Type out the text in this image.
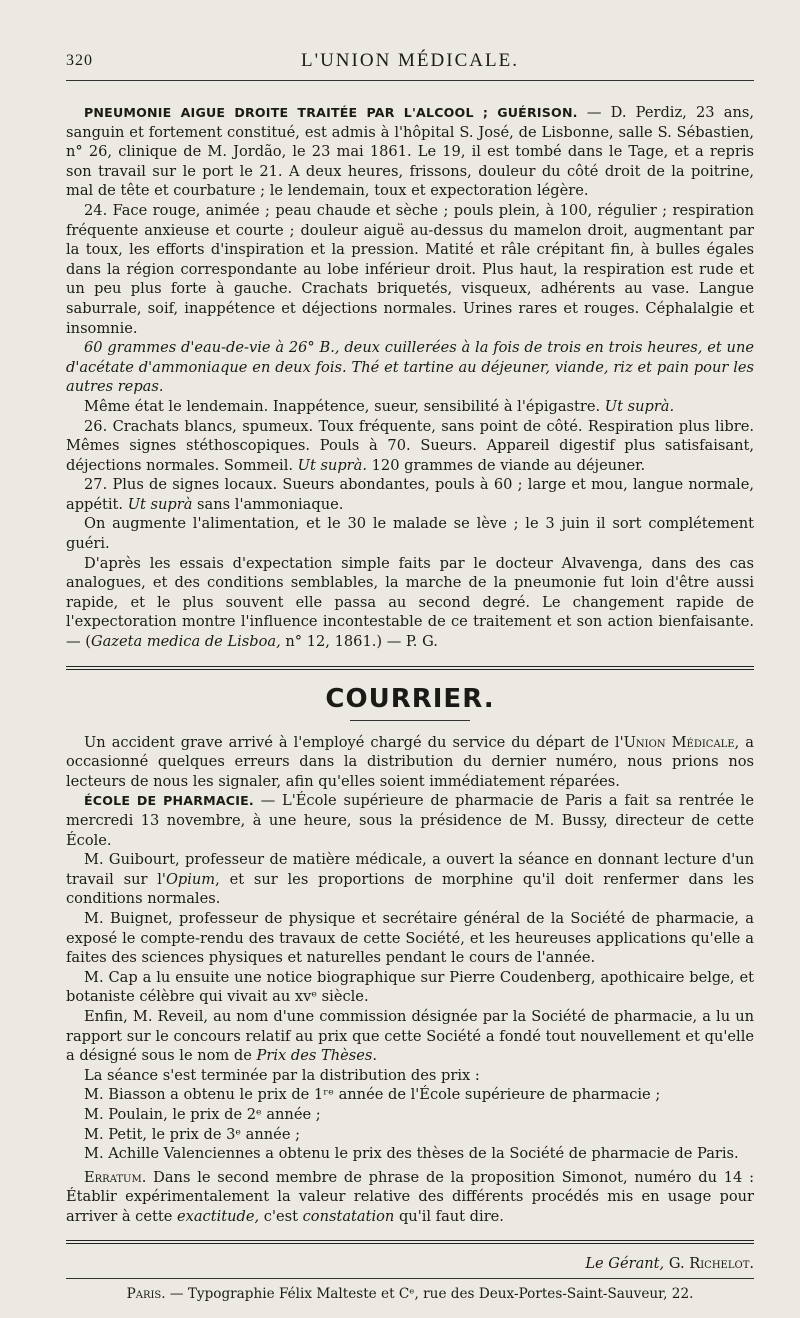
320	L'UNION MÉDICALE.

PNEUMONIE AIGUE DROITE TRAITÉE PAR L'ALCOOL ; GUÉRISON. — D. Perdiz, 23 ans, sanguin et fortement constitué, est admis à l'hôpital S. José, de Lisbonne, salle S. Sébastien, n° 26, clinique de M. Jordão, le 23 mai 1861. Le 19, il est tombé dans le Tage, et a repris son travail sur le port le 21. A deux heures, frissons, douleur du côté droit de la poitrine, mal de tête et courbature ; le lendemain, toux et expectoration légère.

24. Face rouge, animée ; peau chaude et sèche ; pouls plein, à 100, régulier ; respiration fréquente anxieuse et courte ; douleur aiguë au-dessus du mamelon droit, augmentant par la toux, les efforts d'inspiration et la pression. Matité et râle crépitant fin, à bulles égales dans la région correspondante au lobe inférieur droit. Plus haut, la respiration est rude et un peu plus forte à gauche. Crachats briquetés, visqueux, adhérents au vase. Langue saburrale, soif, inappétence et déjections normales. Urines rares et rouges. Céphalalgie et insomnie.

60 grammes d'eau-de-vie à 26° B., deux cuillerées à la fois de trois en trois heures, et une d'acétate d'ammoniaque en deux fois. Thé et tartine au déjeuner, viande, riz et pain pour les autres repas.

Même état le lendemain. Inappétence, sueur, sensibilité à l'épigastre. Ut suprà.

26. Crachats blancs, spumeux. Toux fréquente, sans point de côté. Respiration plus libre. Mêmes signes stéthoscopiques. Pouls à 70. Sueurs. Appareil digestif plus satisfaisant, déjections normales. Sommeil. Ut suprà. 120 grammes de viande au déjeuner.

27. Plus de signes locaux. Sueurs abondantes, pouls à 60 ; large et mou, langue normale, appétit. Ut suprà sans l'ammoniaque.

On augmente l'alimentation, et le 30 le malade se lève ; le 3 juin il sort complétement guéri.

D'après les essais d'expectation simple faits par le docteur Alvavenga, dans des cas analogues, et des conditions semblables, la marche de la pneumonie fut loin d'être aussi rapide, et le plus souvent elle passa au second degré. Le changement rapide de l'expectoration montre l'influence incontestable de ce traitement et son action bienfaisante. — (Gazeta medica de Lisboa, n° 12, 1861.) — P. G.

COURRIER.

Un accident grave arrivé à l'employé chargé du service du départ de l'Union Médicale, a occasionné quelques erreurs dans la distribution du dernier numéro, nous prions nos lecteurs de nous les signaler, afin qu'elles soient immédiatement réparées.

ÉCOLE DE PHARMACIE. — L'École supérieure de pharmacie de Paris a fait sa rentrée le mercredi 13 novembre, à une heure, sous la présidence de M. Bussy, directeur de cette École.

M. Guibourt, professeur de matière médicale, a ouvert la séance en donnant lecture d'un travail sur l'Opium, et sur les proportions de morphine qu'il doit renfermer dans les conditions normales.

M. Buignet, professeur de physique et secrétaire général de la Société de pharmacie, a exposé le compte-rendu des travaux de cette Société, et les heureuses applications qu'elle a faites des sciences physiques et naturelles pendant le cours de l'année.

M. Cap a lu ensuite une notice biographique sur Pierre Coudenberg, apothicaire belge, et botaniste célèbre qui vivait au xvᵉ siècle.

Enfin, M. Reveil, au nom d'une commission désignée par la Société de pharmacie, a lu un rapport sur le concours relatif au prix que cette Société a fondé tout nouvellement et qu'elle a désigné sous le nom de Prix des Thèses.

La séance s'est terminée par la distribution des prix :

M. Biasson a obtenu le prix de 1ʳᵉ année de l'École supérieure de pharmacie ;

M. Poulain, le prix de 2ᵉ année ;

M. Petit, le prix de 3ᵉ année ;

M. Achille Valenciennes a obtenu le prix des thèses de la Société de pharmacie de Paris.

Erratum. Dans le second membre de phrase de la proposition Simonot, numéro du 14 : Établir expérimentalement la valeur relative des différents procédés mis en usage pour arriver à cette exactitude, c'est constatation qu'il faut dire.

Le Gérant, G. Richelot.
Paris. — Typographie Félix Malteste et Cᵉ, rue des Deux-Portes-Saint-Sauveur, 22.
